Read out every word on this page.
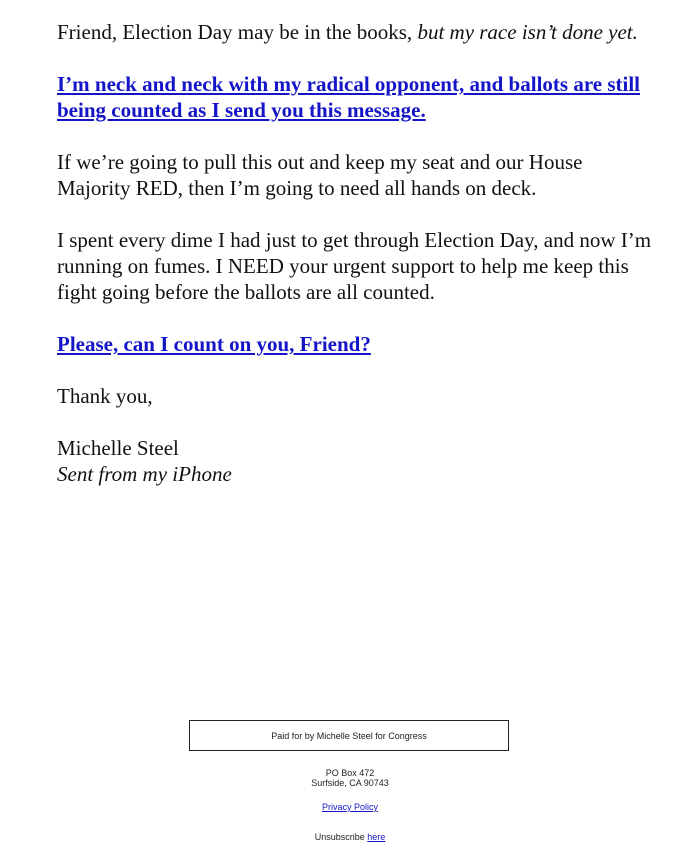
Friend, Election Day may be in the books, but my race isn’t done yet.

I’m neck and neck with my radical opponent, and ballots are still being counted as I send you this message.

If we’re going to pull this out and keep my seat and our House Majority RED, then I’m going to need all hands on deck.

I spent every dime I had just to get through Election Day, and now I’m running on fumes. I NEED your urgent support to help me keep this fight going before the ballots are all counted.

Please, can I count on you, Friend?

Thank you,

Michelle Steel
Sent from my iPhone

Paid for by Michelle Steel for Congress
PO Box 472
Surfside, CA 90743
Privacy Policy
Unsubscribe here
